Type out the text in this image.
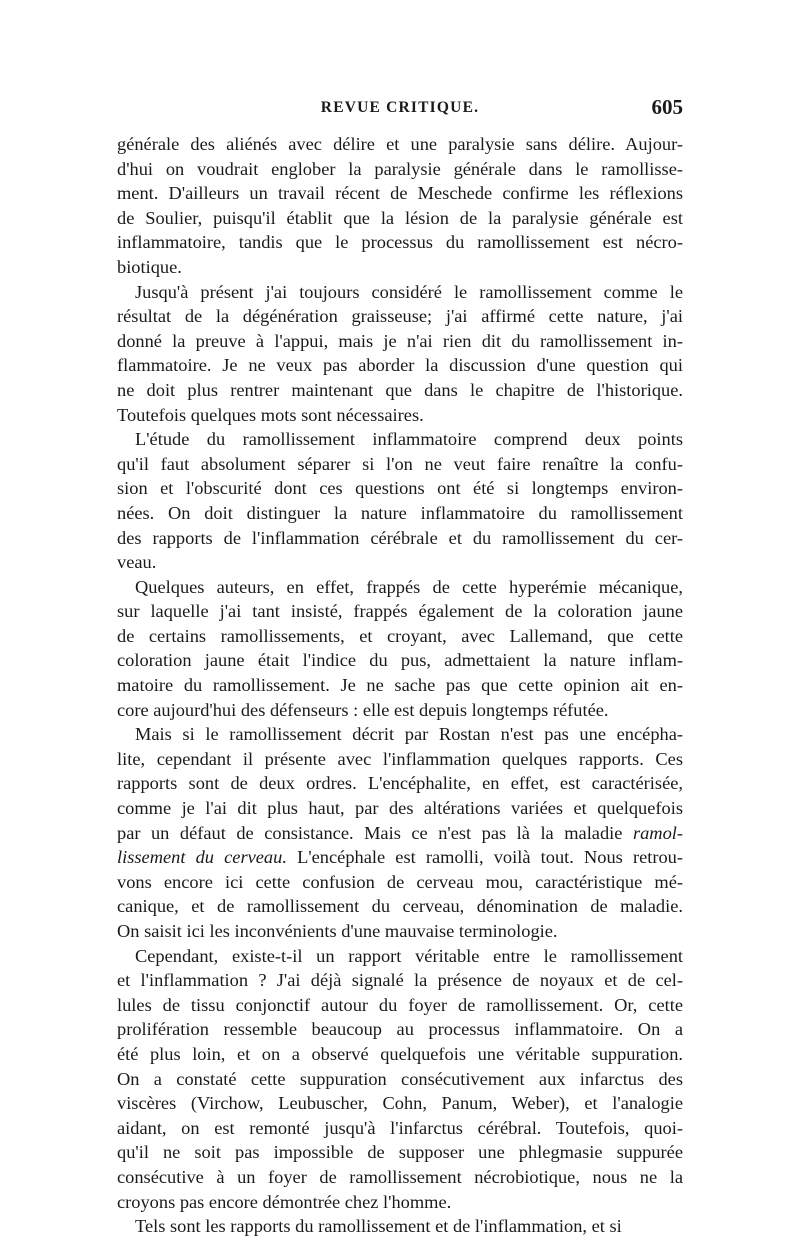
REVUE CRITIQUE.	605
générale des aliénés avec délire et une paralysie sans délire. Aujour-
d'hui on voudrait englober la paralysie générale dans le ramollisse-
ment. D'ailleurs un travail récent de Meschede confirme les réflexions
de Soulier, puisqu'il établit que la lésion de la paralysie générale est
inflammatoire, tandis que le processus du ramollissement est nécro-
biotique.
Jusqu'à présent j'ai toujours considéré le ramollissement comme le
résultat de la dégénération graisseuse; j'ai affirmé cette nature, j'ai
donné la preuve à l'appui, mais je n'ai rien dit du ramollissement in-
flammatoire. Je ne veux pas aborder la discussion d'une question qui
ne doit plus rentrer maintenant que dans le chapitre de l'historique.
Toutefois quelques mots sont nécessaires.
L'étude du ramollissement inflammatoire comprend deux points
qu'il faut absolument séparer si l'on ne veut faire renaître la confu-
sion et l'obscurité dont ces questions ont été si longtemps environ-
nées. On doit distinguer la nature inflammatoire du ramollissement
des rapports de l'inflammation cérébrale et du ramollissement du cer-
veau.
Quelques auteurs, en effet, frappés de cette hyperémie mécanique,
sur laquelle j'ai tant insisté, frappés également de la coloration jaune
de certains ramollissements, et croyant, avec Lallemand, que cette
coloration jaune était l'indice du pus, admettaient la nature inflam-
matoire du ramollissement. Je ne sache pas que cette opinion ait en-
core aujourd'hui des défenseurs : elle est depuis longtemps réfutée.
Mais si le ramollissement décrit par Rostan n'est pas une encépha-
lite, cependant il présente avec l'inflammation quelques rapports. Ces
rapports sont de deux ordres. L'encéphalite, en effet, est caractérisée,
comme je l'ai dit plus haut, par des altérations variées et quelquefois
par un défaut de consistance. Mais ce n'est pas là la maladie ramol-
lissement du cerveau. L'encéphale est ramolli, voilà tout. Nous retrou-
vons encore ici cette confusion de cerveau mou, caractéristique mé-
canique, et de ramollissement du cerveau, dénomination de maladie.
On saisit ici les inconvénients d'une mauvaise terminologie.
Cependant, existe-t-il un rapport véritable entre le ramollissement
et l'inflammation ? J'ai déjà signalé la présence de noyaux et de cel-
lules de tissu conjonctif autour du foyer de ramollissement. Or, cette
prolifération ressemble beaucoup au processus inflammatoire. On a
été plus loin, et on a observé quelquefois une véritable suppuration.
On a constaté cette suppuration consécutivement aux infarctus des
viscères (Virchow, Leubuscher, Cohn, Panum, Weber), et l'analogie
aidant, on est remonté jusqu'à l'infarctus cérébral. Toutefois, quoi-
qu'il ne soit pas impossible de supposer une phlegmasie suppurée
consécutive à un foyer de ramollissement nécrobiotique, nous ne la
croyons pas encore démontrée chez l'homme.
Tels sont les rapports du ramollissement et de l'inflammation, et si
